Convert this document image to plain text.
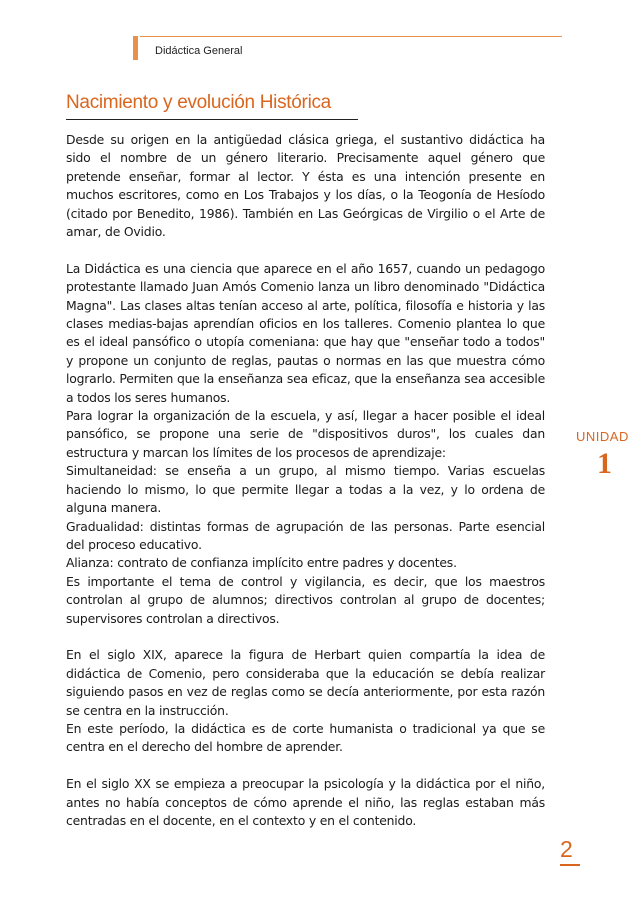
Didáctica General
Nacimiento y evolución Histórica

Desde su origen en la antigüedad clásica griega, el sustantivo didáctica ha sido el nombre de un género literario. Precisamente aquel género que pretende enseñar, formar al lector. Y ésta es una intención presente en muchos escritores, como en Los Trabajos y los días, o la Teogonía de Hesíodo (citado por Benedito, 1986). También en Las Geórgicas de Virgilio o el Arte de amar, de Ovidio.

La Didáctica es una ciencia que aparece en el año 1657, cuando un pedagogo protestante llamado Juan Amós Comenio lanza un libro denominado "Didáctica Magna". Las clases altas tenían acceso al arte, política, filosofía e historia y las clases medias-bajas aprendían oficios en los talleres. Comenio plantea lo que es el ideal pansófico o utopía comeniana: que hay que "enseñar todo a todos" y propone un conjunto de reglas, pautas o normas en las que muestra cómo lograrlo. Permiten que la enseñanza sea eficaz, que la enseñanza sea accesible a todos los seres humanos.

Para lograr la organización de la escuela, y así, llegar a hacer posible el ideal pansófico, se propone una serie de "dispositivos duros", los cuales dan estructura y marcan los límites de los procesos de aprendizaje:

Simultaneidad: se enseña a un grupo, al mismo tiempo. Varias escuelas haciendo lo mismo, lo que permite llegar a todas a la vez, y lo ordena de alguna manera.

Gradualidad: distintas formas de agrupación de las personas. Parte esencial del proceso educativo.

Alianza: contrato de confianza implícito entre padres y docentes.

Es importante el tema de control y vigilancia, es decir, que los maestros controlan al grupo de alumnos; directivos controlan al grupo de docentes; supervisores controlan a directivos.

En el siglo XIX, aparece la figura de Herbart quien compartía la idea de didáctica de Comenio, pero consideraba que la educación se debía realizar siguiendo pasos en vez de reglas como se decía anteriormente, por esta razón se centra en la instrucción.

En este período, la didáctica es de corte humanista o tradicional ya que se centra en el derecho del hombre de aprender.

En el siglo XX se empieza a preocupar la psicología y la didáctica por el niño, antes no había conceptos de cómo aprende el niño, las reglas estaban más centradas en el docente, en el contexto y en el contenido.

UNIDAD
1
2
